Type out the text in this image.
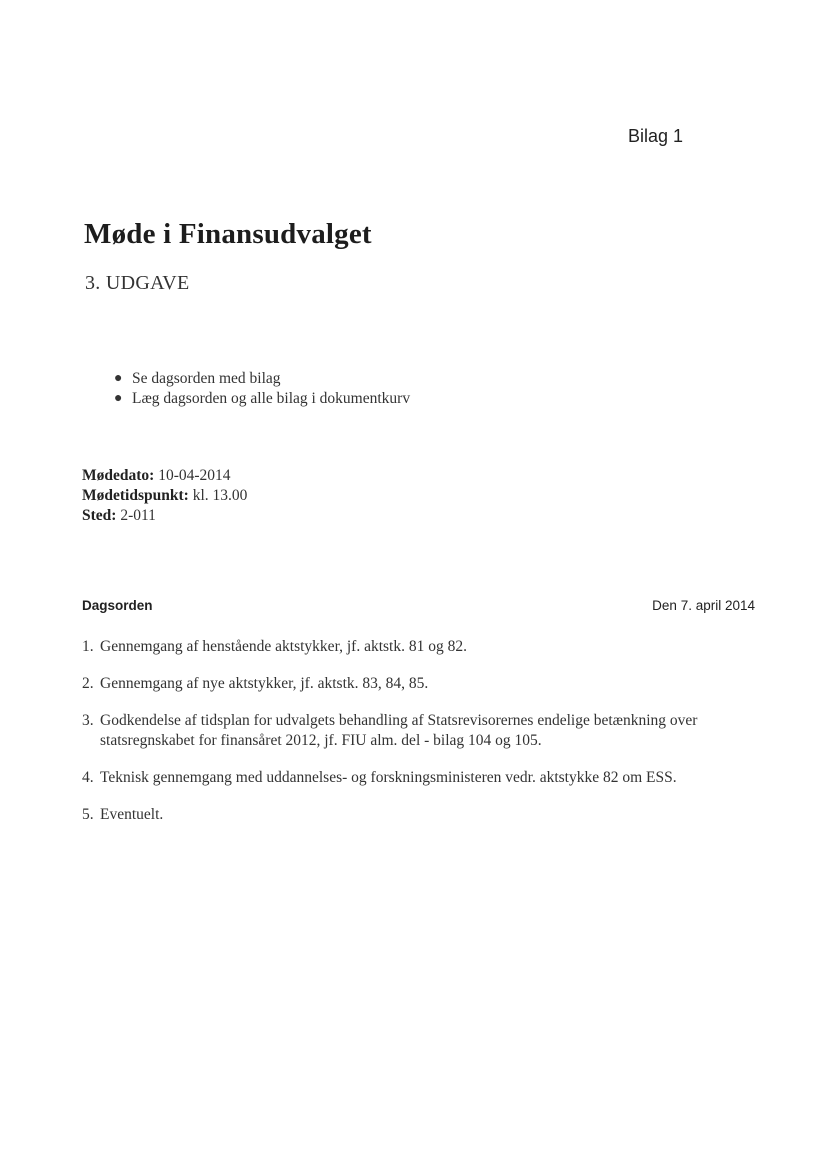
Bilag 1
Møde i Finansudvalget
3. UDGAVE
● Se dagsorden med bilag
● Læg dagsorden og alle bilag i dokumentkurv
Mødedato: 10-04-2014
Mødetidspunkt: kl. 13.00
Sted: 2-011
Dagsorden	Den 7. april 2014
1. Gennemgang af henstående aktstykker, jf. aktstk. 81 og 82.
2. Gennemgang af nye aktstykker, jf. aktstk. 83, 84, 85.
3. Godkendelse af tidsplan for udvalgets behandling af Statsrevisorernes endelige betænkning over statsregnskabet for finansåret 2012, jf. FIU alm. del - bilag 104 og 105.
4. Teknisk gennemgang med uddannelses- og forskningsministeren vedr. aktstykke 82 om ESS.
5. Eventuelt.
